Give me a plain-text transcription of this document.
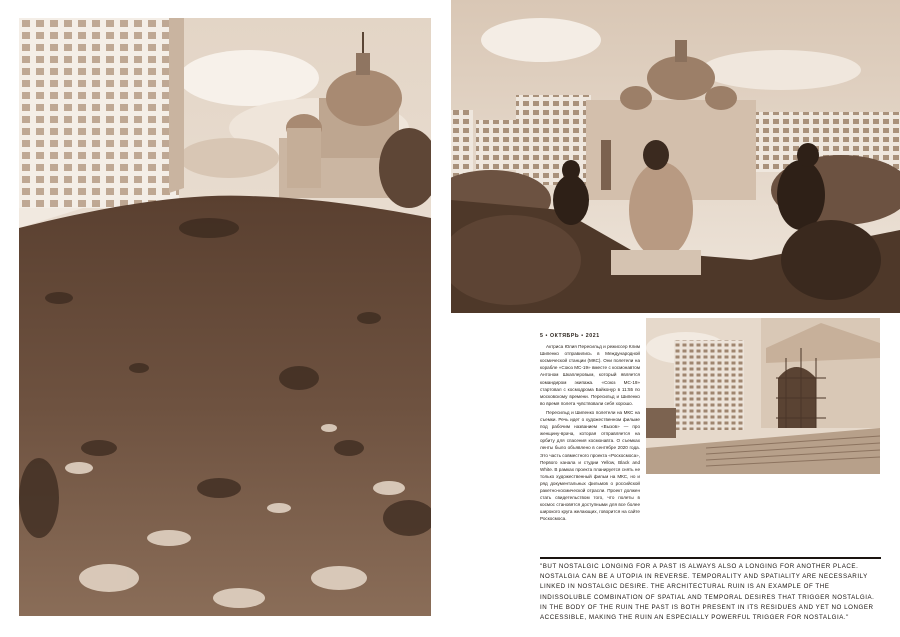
5 • ОКТЯБРЬ • 2021

Актриса Юлия Пересильд и режиссер Клим Шипенко отправились в Международной космической станции (МКС). Они полетели на корабле «Союз МС-19» вместе с космонавтом Антоном Шкаплеровым, который является командиром экипажа. «Союз МС-19» стартовал с космодрома Байконур в 11:55 по московскому времени. Пересильд и Шипенко во время полета чувствовали себя хорошо.

Пересильд и Шипенко полетели на МКС на съемки. Речь идет о художественном фильме под рабочим названием «Вызов» — про женщину-врача, которая отправляется на орбиту для спасения космонавта. О съемках ленты было объявлено в сентябре 2020 года. Это часть совместного проекта «Роскосмоса», Первого канала и студии Yellow, Black and White. В рамках проекта планируется снять не только художественный фильм на МКС, но и ряд документальных фильмов о российской ракетно-космической отрасли. Проект должен стать свидетельством того, что полеты в космос становятся доступными для все более широкого круга желающих, говорится на сайте Роскосмоса.

"BUT NOSTALGIC LONGING FOR A PAST IS ALWAYS ALSO A LONGING FOR ANOTHER PLACE. NOSTALGIA CAN BE A UTOPIA IN REVERSE. TEMPORALITY AND SPATIALITY ARE NECESSARILY LINKED IN NOSTALGIC DESIRE. THE ARCHITECTURAL RUIN IS AN EXAMPLE OF THE INDISSOLUBLE COMBINATION OF SPATIAL AND TEMPORAL DESIRES THAT TRIGGER NOSTALGIA. IN THE BODY OF THE RUIN THE PAST IS BOTH PRESENT IN ITS RESIDUES AND YET NO LONGER ACCESSIBLE, MAKING THE RUIN AN ESPECIALLY POWERFUL TRIGGER FOR NOSTALGIA."
